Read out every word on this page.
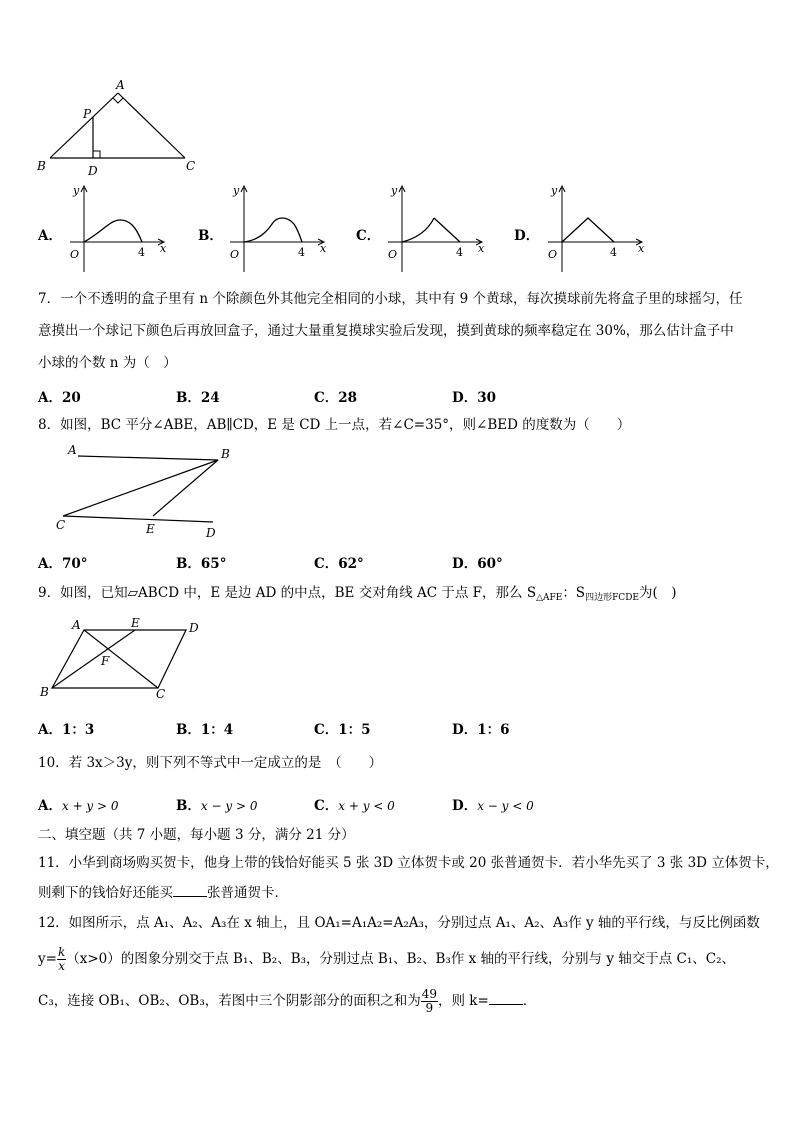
A
P
B	D	C
A．
y
O	4 x
B．
y
O	4 x
C．
y
O	4 x
D．
y
O	4 x
7．一个不透明的盒子里有 n 个除颜色外其他完全相同的小球，其中有 9 个黄球，每次摸球前先将盒子里的球摇匀，任
意摸出一个球记下颜色后再放回盒子，通过大量重复摸球实验后发现，摸到黄球的频率稳定在 30%，那么估计盒子中
小球的个数 n 为（　）
A．20	B．24	C．28	D．30
8．如图，BC 平分∠ABE，AB∥CD，E 是 CD 上一点，若∠C=35°，则∠BED 的度数为（　　）
A	B
C	E	D
A．70°	B．65°	C．62°	D．60°
9．如图，已知▱ABCD 中，E 是边 AD 的中点，BE 交对角线 AC 于点 F，那么 $S_{\triangle AFE}$：$S_{四边形FCDE}$为(　)
A	E	D
F
B	C
A．1：3	B．1：4	C．1：5	D．1：6
10．若 3x＞3y，则下列不等式中一定成立的是　（　　）
A．x + y > 0	B．x − y > 0	C．x + y < 0	D．x − y < 0
二、填空题（共 7 小题，每小题 3 分，满分 21 分）
11．小华到商场购买贺卡，他身上带的钱恰好能买 5 张 3D 立体贺卡或 20 张普通贺卡．若小华先买了 3 张 3D 立体贺卡，
则剩下的钱恰好还能买	张普通贺卡．
12．如图所示，点 A₁、A₂、A₃在 x 轴上，且 OA₁=A₁A₂=A₂A₃，分别过点 A₁、A₂、A₃作 y 轴的平行线，与反比例函数
$y= \frac{k}{x} (x>0)$的图象分别交于点 B₁、B₂、B₃，分别过点 B₁、B₂、B₃作 x 轴的平行线，分别与 y 轴交于点 C₁、C₂、
C₃，连接 OB₁、OB₂、OB₃，若图中三个阴影部分的面积之和为 $\frac{49}{9}$ ，则 k=	．
